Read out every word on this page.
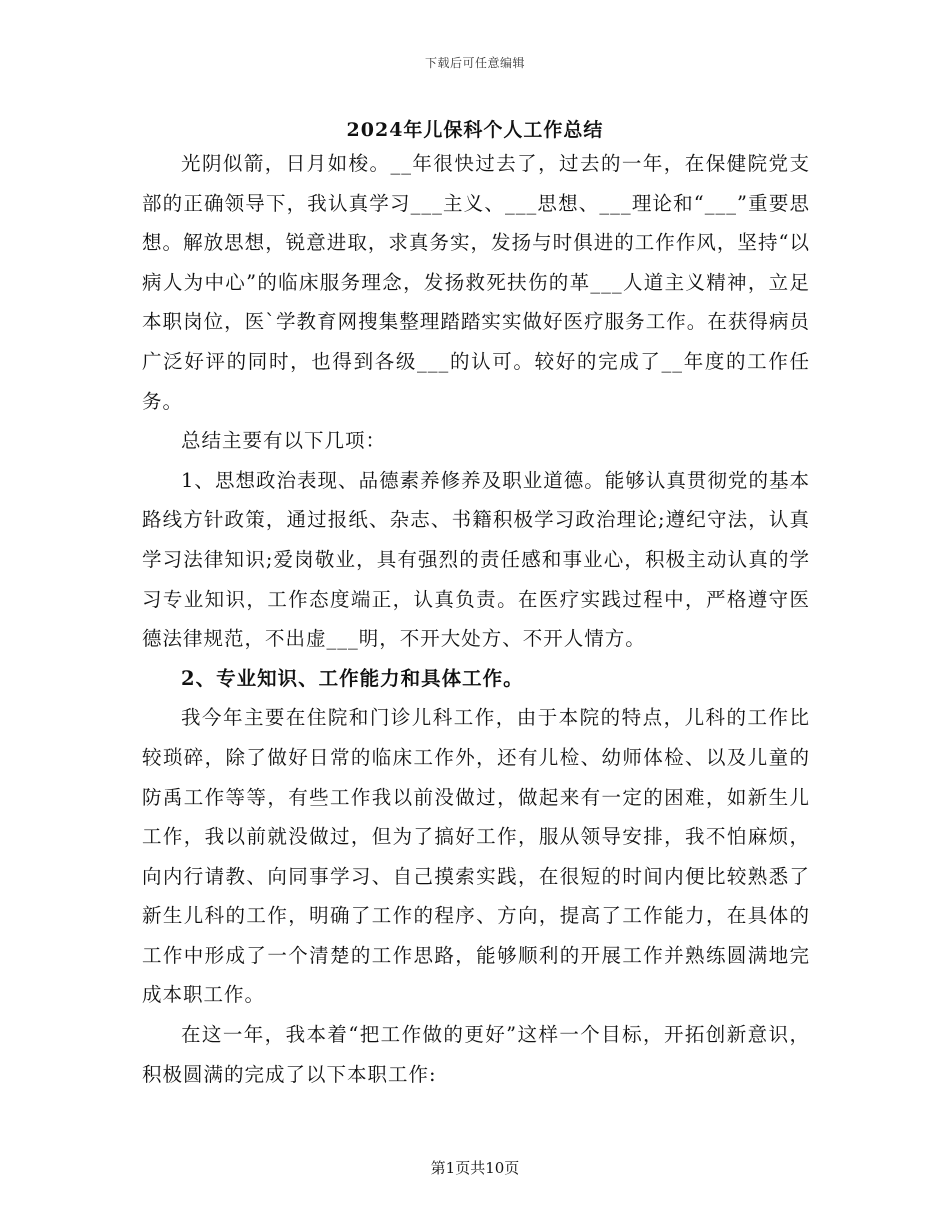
下载后可任意编辑
2024年儿保科个人工作总结

光阴似箭，日月如梭。__年很快过去了，过去的一年，在保健院党支部的正确领导下，我认真学习___主义、___思想、___理论和“___”重要思想。解放思想，锐意进取，求真务实，发扬与时俱进的工作作风，坚持“以病人为中心”的临床服务理念，发扬救死扶伤的革___人道主义精神，立足本职岗位，医`学教育网搜集整理踏踏实实做好医疗服务工作。在获得病员广泛好评的同时，也得到各级___的认可。较好的完成了__年度的工作任务。

总结主要有以下几项：

1、思想政治表现、品德素养修养及职业道德。能够认真贯彻党的基本路线方针政策，通过报纸、杂志、书籍积极学习政治理论;遵纪守法，认真学习法律知识;爱岗敬业，具有强烈的责任感和事业心，积极主动认真的学习专业知识，工作态度端正，认真负责。在医疗实践过程中，严格遵守医德法律规范，不出虚___明，不开大处方、不开人情方。

2、专业知识、工作能力和具体工作。

我今年主要在住院和门诊儿科工作，由于本院的特点，儿科的工作比较琐碎，除了做好日常的临床工作外，还有儿检、幼师体检、以及儿童的防禹工作等等，有些工作我以前没做过，做起来有一定的困难，如新生儿工作，我以前就没做过，但为了搞好工作，服从领导安排，我不怕麻烦，向内行请教、向同事学习、自己摸索实践，在很短的时间内便比较熟悉了新生儿科的工作，明确了工作的程序、方向，提高了工作能力，在具体的工作中形成了一个清楚的工作思路，能够顺利的开展工作并熟练圆满地完成本职工作。

在这一年，我本着“把工作做的更好”这样一个目标，开拓创新意识，积极圆满的完成了以下本职工作:

第1页共10页
